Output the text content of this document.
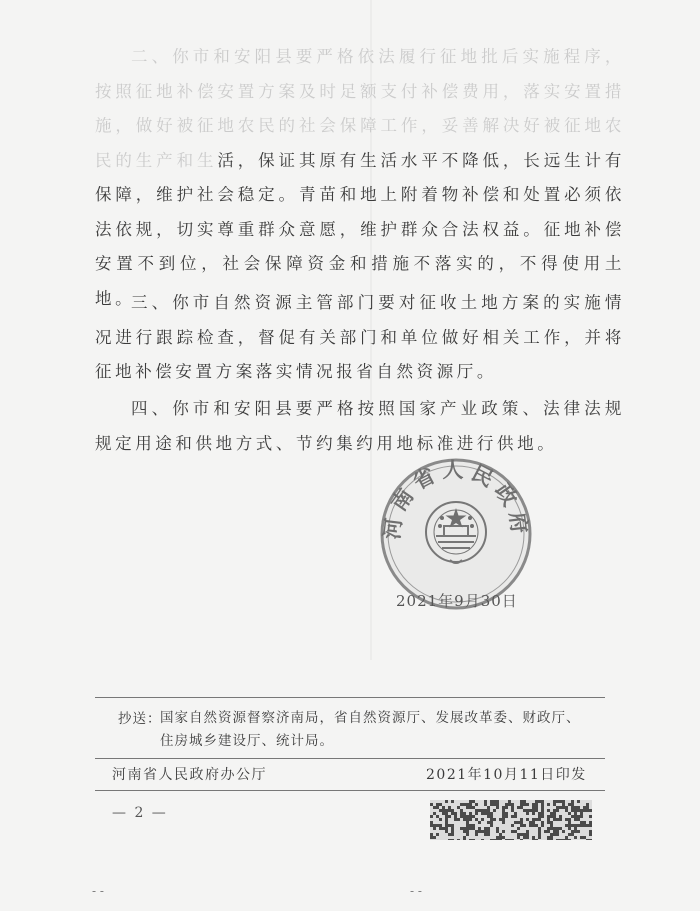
二、你市和安阳县要严格依法履行征地批后实施程序，按照征地补偿安置方案及时足额支付补偿费用，落实安置措施，做好被征地农民的社会保障工作，妥善解决好被征地农民的生产和生活，保证其原有生活水平不降低，长远生计有保障，维护社会稳定。青苗和地上附着物补偿和处置必须依法依规，切实尊重群众意愿，维护群众合法权益。征地补偿安置不到位，社会保障资金和措施不落实的，不得使用土地。

三、你市自然资源主管部门要对征收土地方案的实施情况进行跟踪检查，督促有关部门和单位做好相关工作，并将征地补偿安置方案落实情况报省自然资源厅。

四、你市和安阳县要严格按照国家产业政策、法律法规规定用途和供地方式、节约集约用地标准进行供地。

河南省人民政府
2021年9月30日
抄送：

国家自然资源督察济南局，省自然资源厅、发展改革委、财政厅、住房城乡建设厅、统计局。

河南省人民政府办公厅	2021年10月11日印发
— 2 —
- -	- -
